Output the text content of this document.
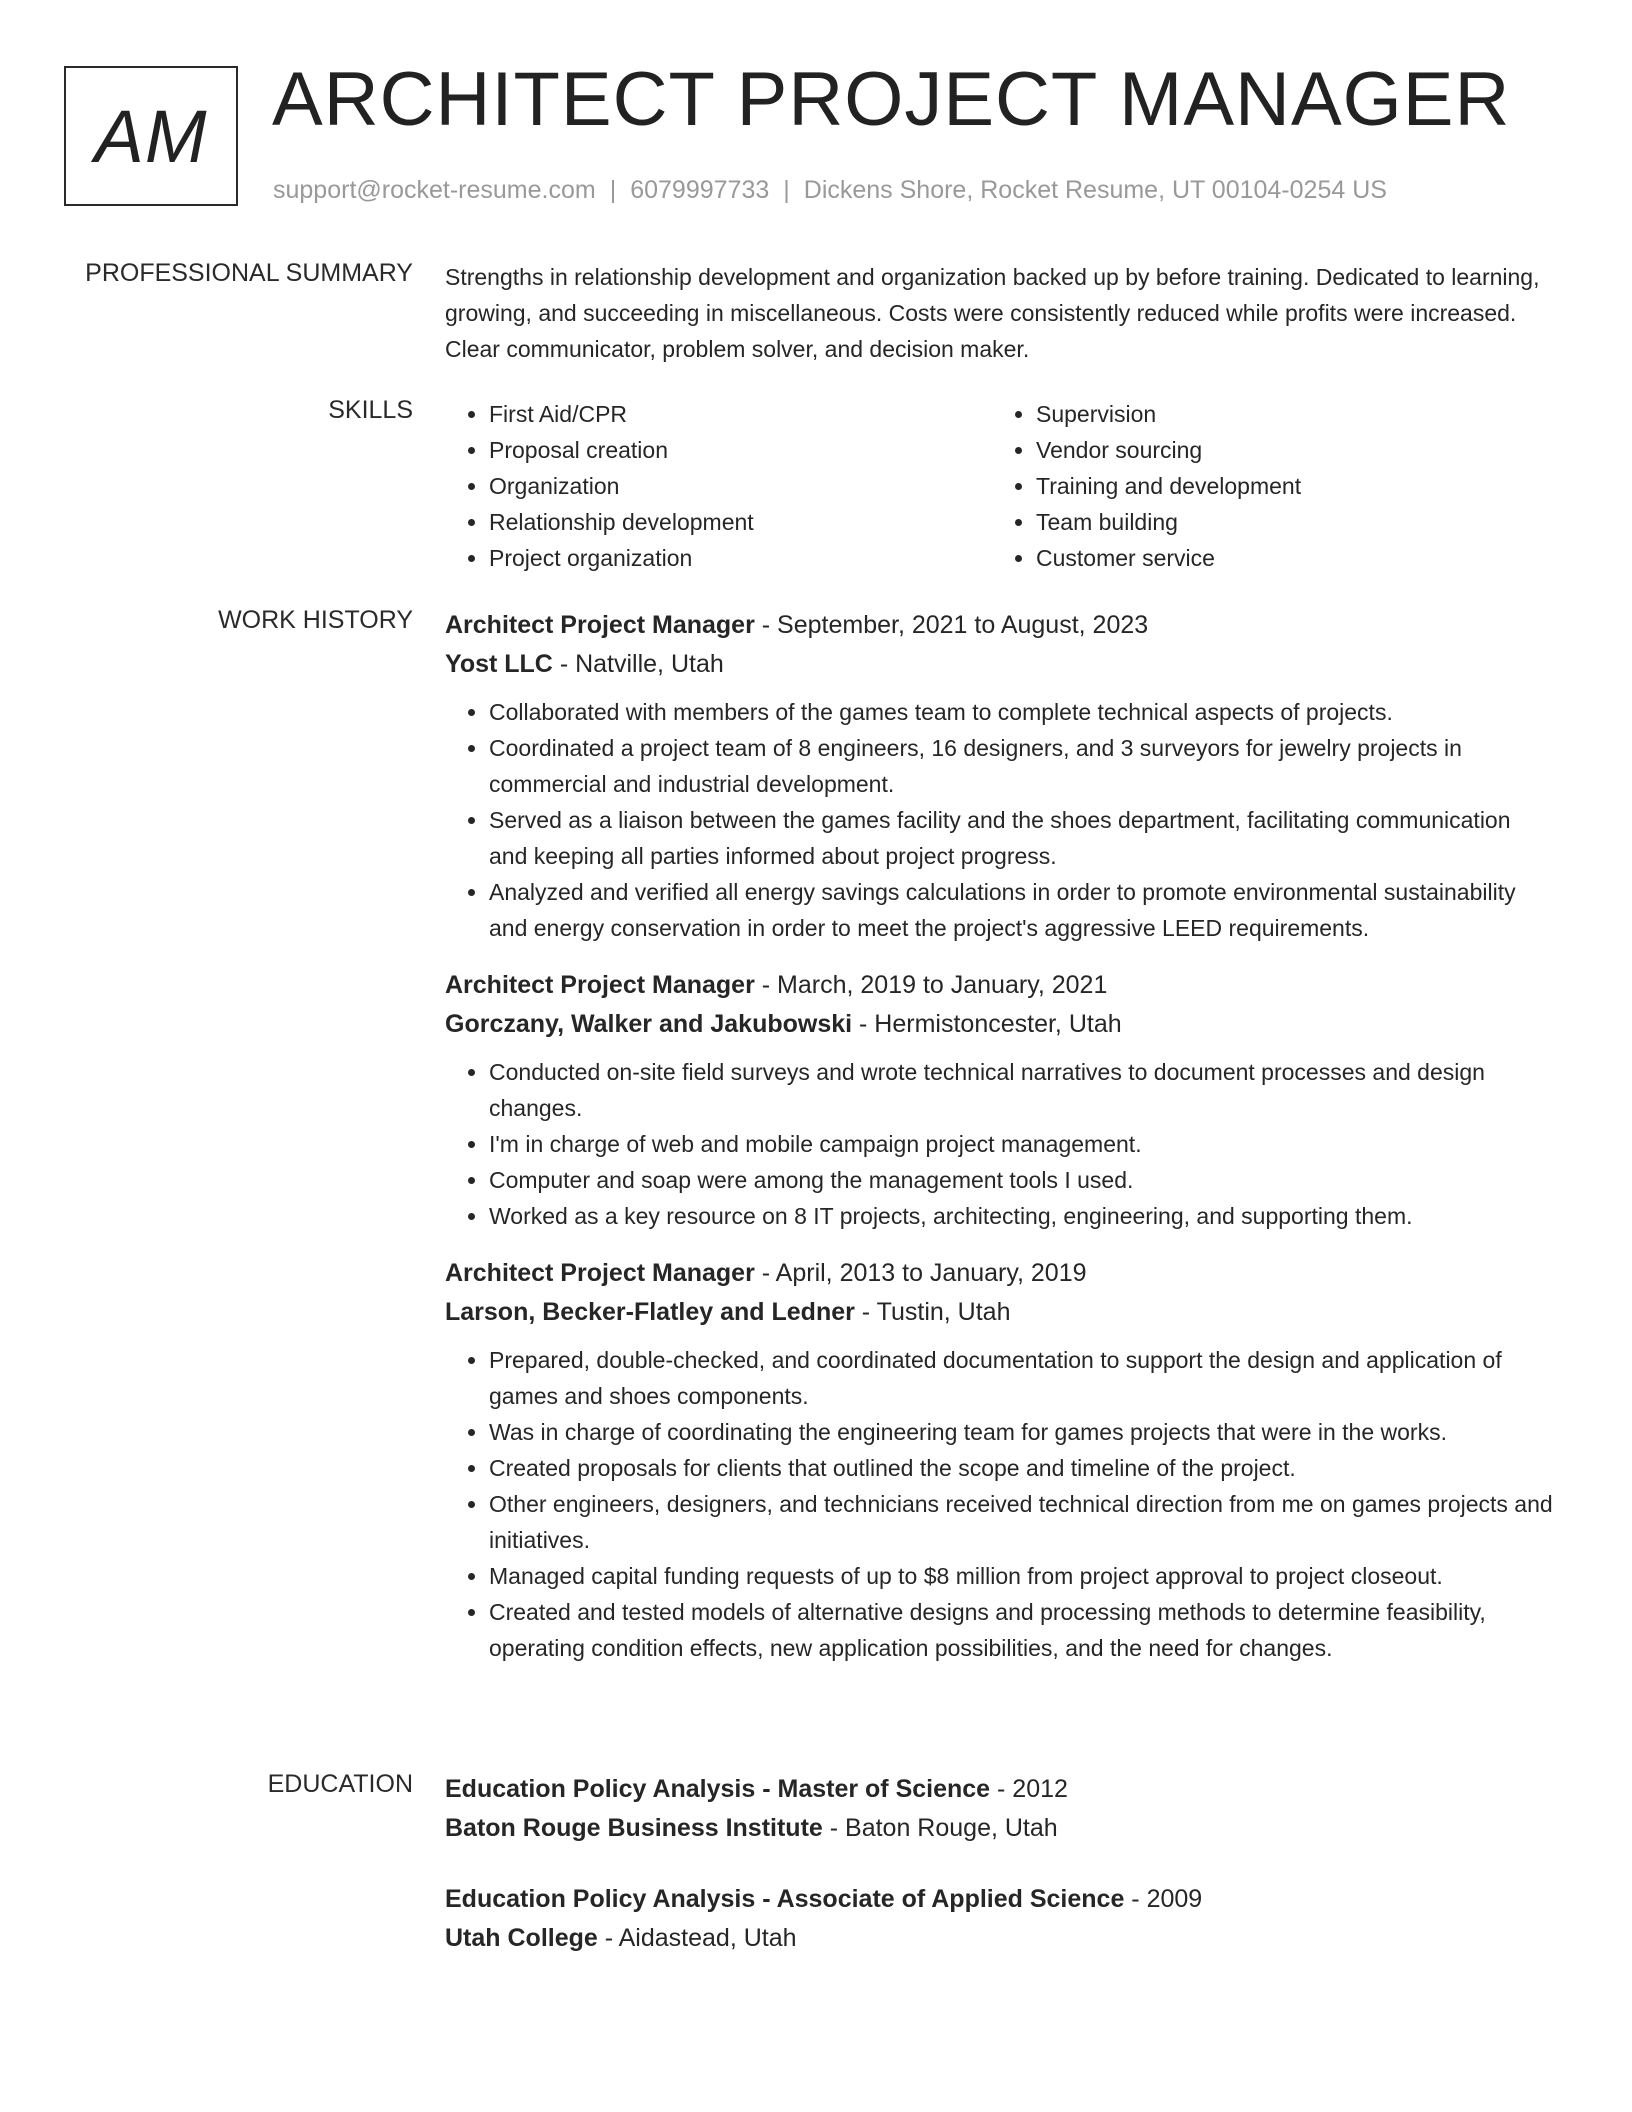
AM ARCHITECT PROJECT MANAGER
support@rocket-resume.com | 6079997733 | Dickens Shore, Rocket Resume, UT 00104-0254 US
PROFESSIONAL SUMMARY Strengths in relationship development and organization backed up by before training. Dedicated to learning, growing, and succeeding in miscellaneous. Costs were consistently reduced while profits were increased. Clear communicator, problem solver, and decision maker.

SKILLS
•	First Aid/CPR
• Proposal creation
• Organization
• Relationship development
• Project organization
• Supervision
• Vendor sourcing
• Training and development
• Team building
• Customer service
WORK HISTORY Architect Project Manager - September, 2021 to August, 2023
Yost LLC - Natville, Utah
• Collaborated with members of the games team to complete technical aspects of projects.
• Coordinated a project team of 8 engineers, 16 designers, and 3 surveyors for jewelry projects in commercial and industrial development.
• Served as a liaison between the games facility and the shoes department, facilitating communication and keeping all parties informed about project progress.
• Analyzed and verified all energy savings calculations in order to promote environmental sustainability and energy conservation in order to meet the project's aggressive LEED requirements.
Architect Project Manager - March, 2019 to January, 2021
Gorczany, Walker and Jakubowski - Hermistoncester, Utah
• Conducted on-site field surveys and wrote technical narratives to document processes and design changes.
• I'm in charge of web and mobile campaign project management.
• Computer and soap were among the management tools I used.
• Worked as a key resource on 8 IT projects, architecting, engineering, and supporting them.
Architect Project Manager - April, 2013 to January, 2019
Larson, Becker-Flatley and Ledner - Tustin, Utah
• Prepared, double-checked, and coordinated documentation to support the design and application of games and shoes components.
• Was in charge of coordinating the engineering team for games projects that were in the works.
• Created proposals for clients that outlined the scope and timeline of the project.
• Other engineers, designers, and technicians received technical direction from me on games projects and initiatives.
• Managed capital funding requests of up to $8 million from project approval to project closeout.
• Created and tested models of alternative designs and processing methods to determine feasibility, operating condition effects, new application possibilities, and the need for changes.
EDUCATION Education Policy Analysis - Master of Science - 2012
Baton Rouge Business Institute - Baton Rouge, Utah
Education Policy Analysis - Associate of Applied Science - 2009
Utah College - Aidastead, Utah
